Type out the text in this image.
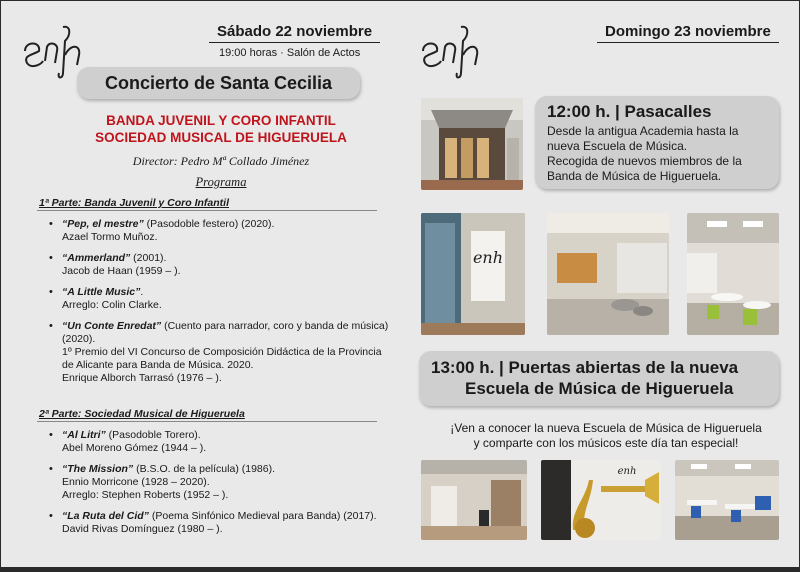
Sábado 22 noviembre
19:00 horas · Salón de Actos
Concierto de Santa Cecilia
BANDA JUVENIL Y CORO INFANTIL
SOCIEDAD MUSICAL DE HIGUERUELA
Director: Pedro Mª Collado Jiménez
Programa
1ª Parte: Banda Juvenil y Coro Infantil
• “Pep, el mestre” (Pasodoble festero) (2020).
Azael Tormo Muñoz.
• “Ammerland” (2001).
Jacob de Haan (1959 – ).
• “A Little Music”.
Arreglo: Colin Clarke.
• “Un Conte Enredat” (Cuento para narrador, coro y banda de música) (2020).
1º Premio del VI Concurso de Composición Didáctica de la Provincia de Alicante para Banda de Música. 2020.
Enrique Alborch Tarrasó (1976 – ).
2ª Parte: Sociedad Musical de Higueruela
• “Al Litri” (Pasodoble Torero).
Abel Moreno Gómez (1944 – ).
• “The Mission” (B.S.O. de la película) (1986).
Ennio Morricone (1928 – 2020).
Arreglo: Stephen Roberts (1952 – ).
• “La Ruta del Cid” (Poema Sinfónico Medieval para Banda) (2017).
David Rivas Domínguez (1980 – ).
Domingo 23 noviembre
12:00 h. | Pasacalles
Desde la antigua Academia hasta la
nueva Escuela de Música.
Recogida de nuevos miembros de la
Banda de Música de Higueruela.
enh
13:00 h. | Puertas abiertas de la nueva
Escuela de Música de Higueruela
¡Ven a conocer la nueva Escuela de Música de Higueruela
y comparte con los músicos este día tan especial!
enh
